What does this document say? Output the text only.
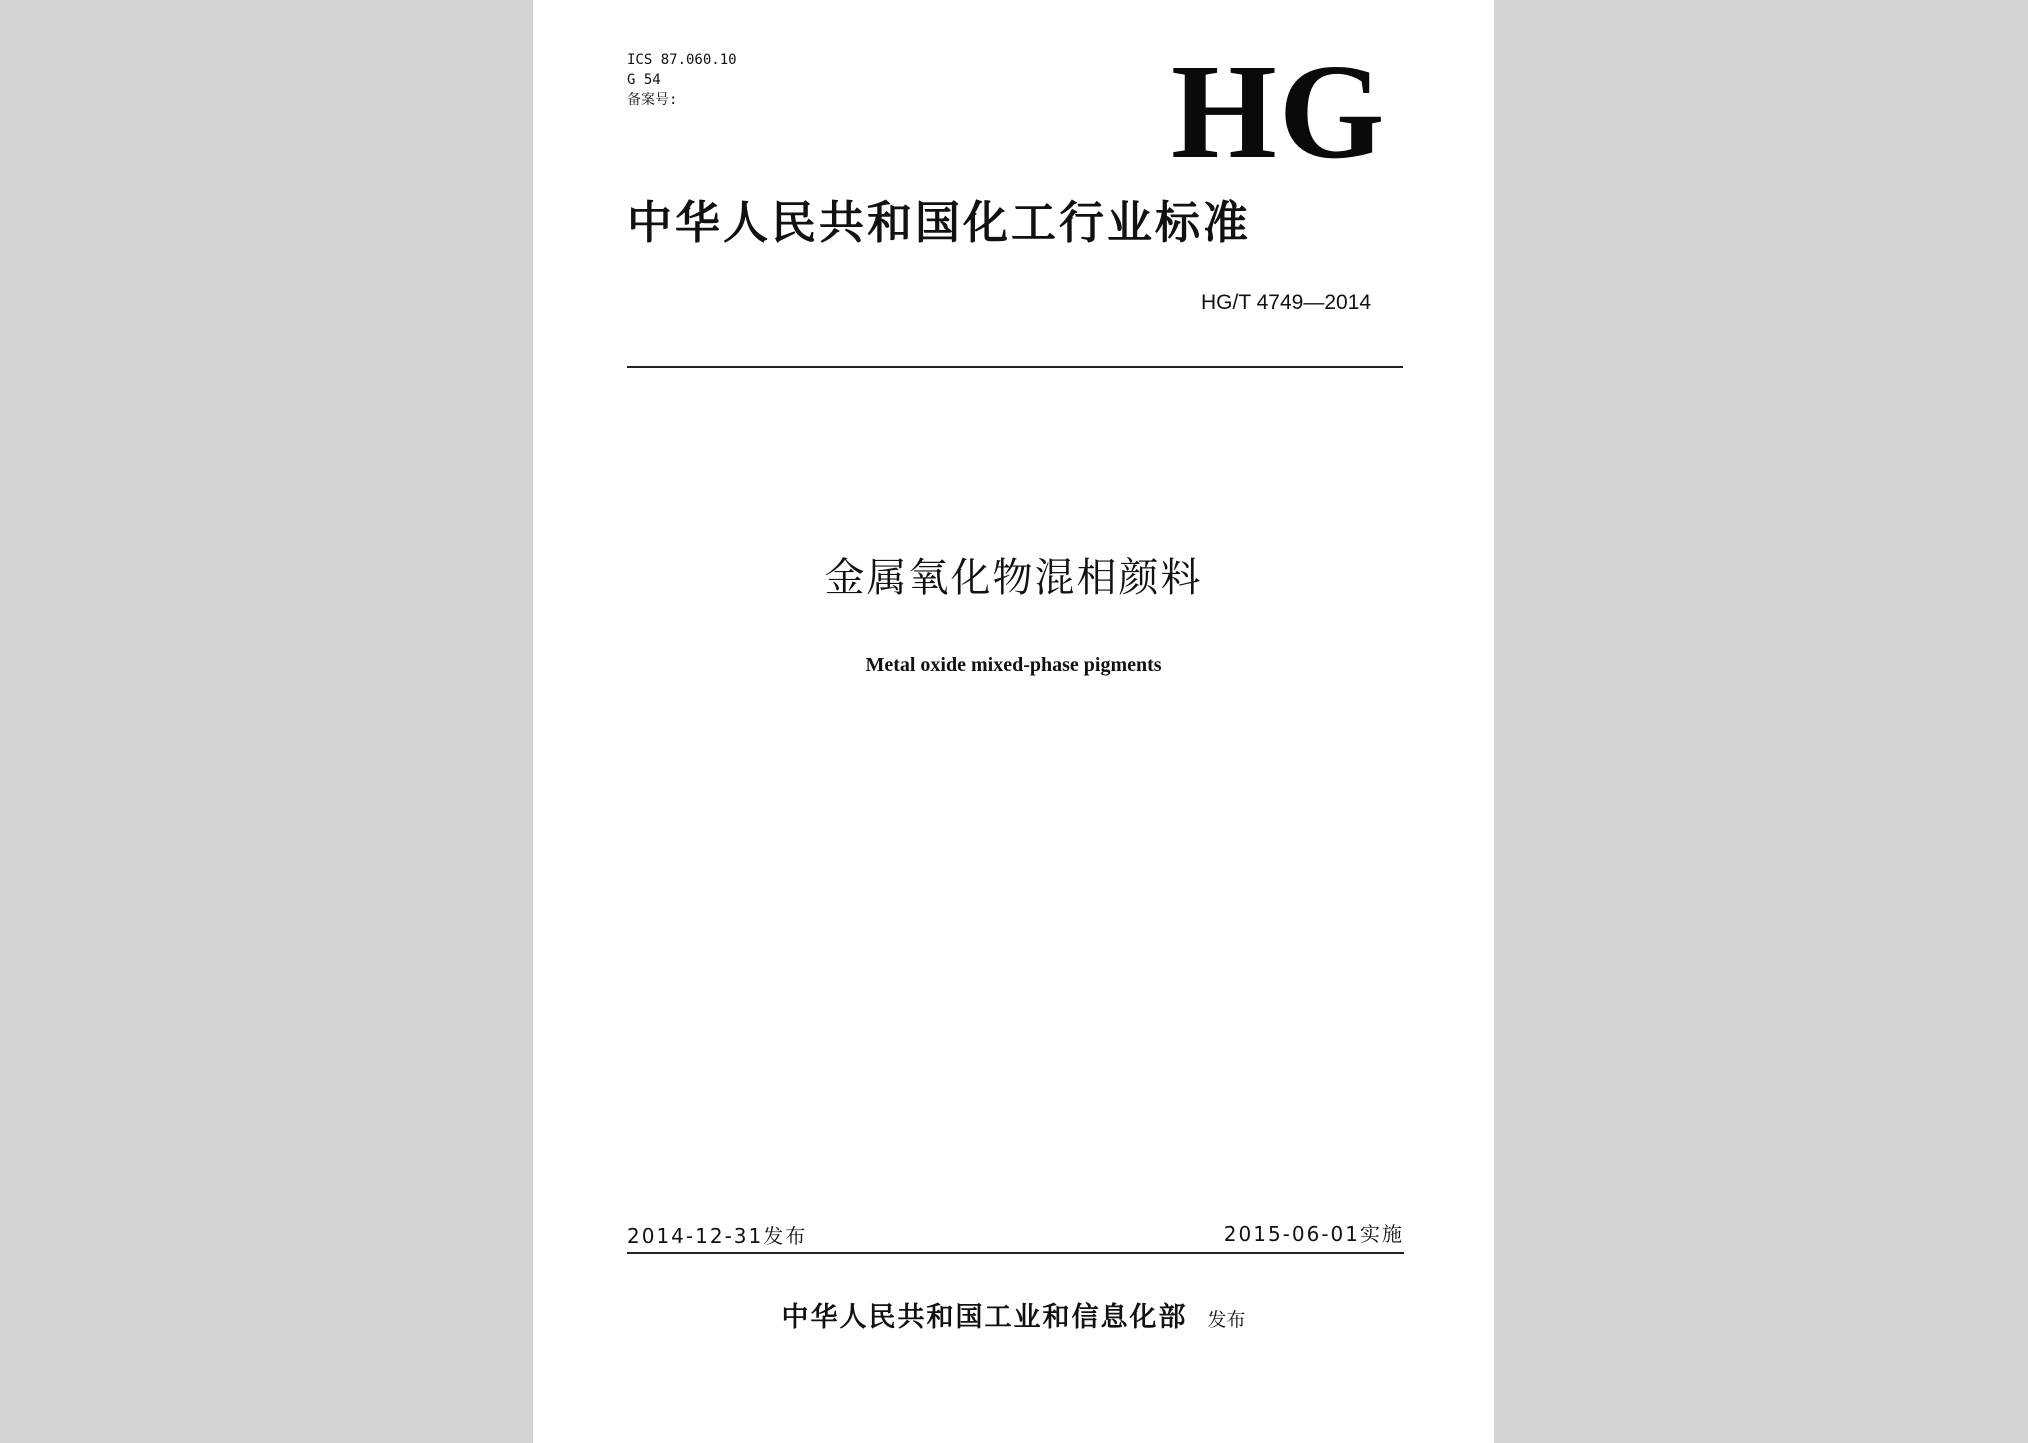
ICS 87.060.10
G 54
备案号:	HG
中华人民共和国化工行业标准
HG/T 4749—2014
金属氧化物混相颜料
Metal oxide mixed-phase pigments
2014-12-31发布	2015-06-01实施
中华人民共和国工业和信息化部 发布
